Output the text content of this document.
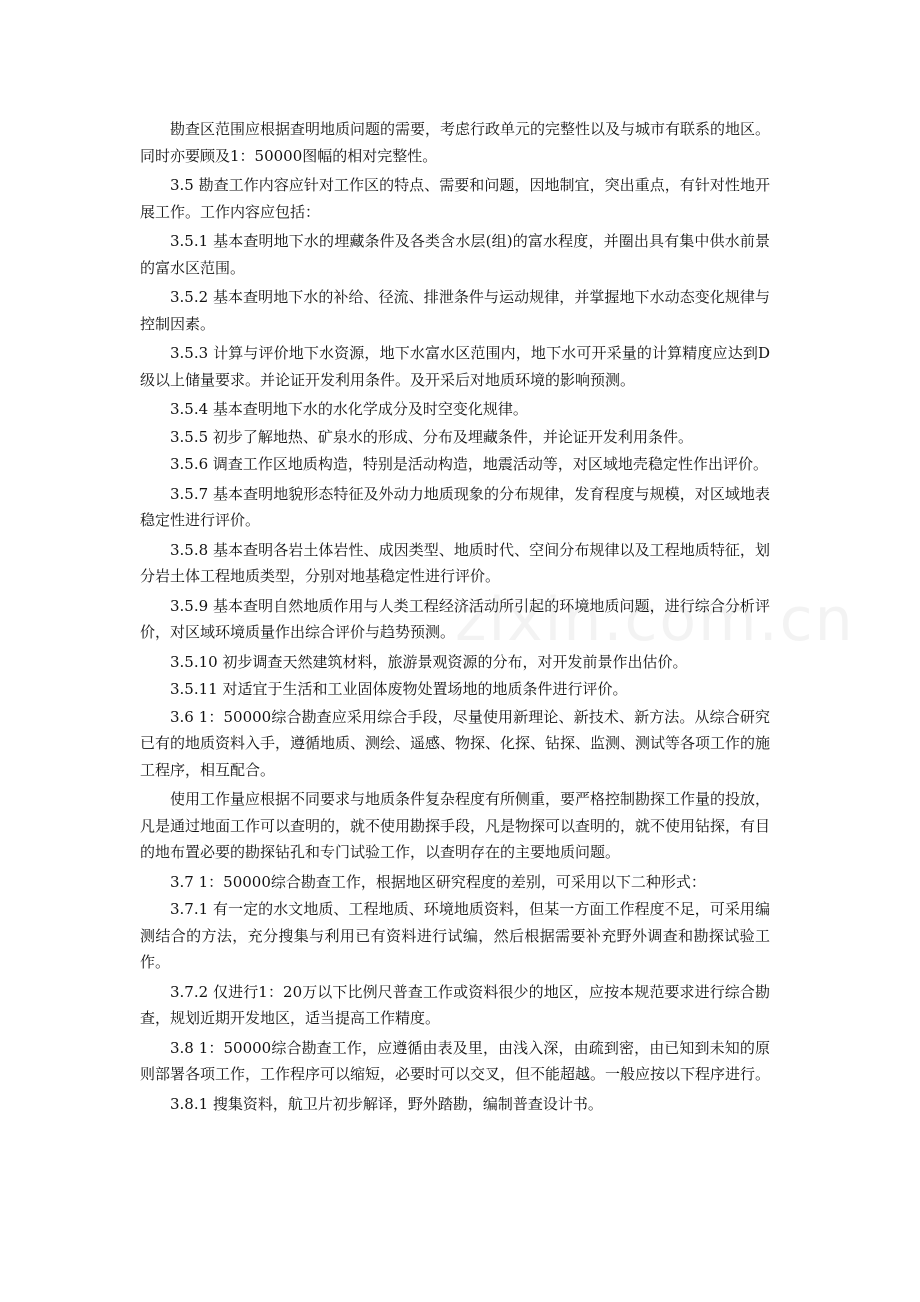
勘查区范围应根据查明地质问题的需要，考虑行政单元的完整性以及与城市有联系的地区。同时亦要顾及1：50000图幅的相对完整性。

3.5 勘查工作内容应针对工作区的特点、需要和问题，因地制宜，突出重点，有针对性地开展工作。工作内容应包括：

3.5.1 基本查明地下水的埋藏条件及各类含水层(组)的富水程度，并圈出具有集中供水前景的富水区范围。

3.5.2 基本查明地下水的补给、径流、排泄条件与运动规律，并掌握地下水动态变化规律与控制因素。

3.5.3 计算与评价地下水资源，地下水富水区范围内，地下水可开采量的计算精度应达到D级以上储量要求。并论证开发利用条件。及开采后对地质环境的影响预测。

3.5.4 基本查明地下水的水化学成分及时空变化规律。

3.5.5 初步了解地热、矿泉水的形成、分布及埋藏条件，并论证开发利用条件。

3.5.6 调查工作区地质构造，特别是活动构造，地震活动等，对区域地壳稳定性作出评价。

3.5.7 基本查明地貌形态特征及外动力地质现象的分布规律，发育程度与规模，对区域地表稳定性进行评价。

3.5.8 基本查明各岩土体岩性、成因类型、地质时代、空间分布规律以及工程地质特征，划分岩土体工程地质类型，分别对地基稳定性进行评价。

3.5.9 基本查明自然地质作用与人类工程经济活动所引起的环境地质问题，进行综合分析评价，对区域环境质量作出综合评价与趋势预测。

3.5.10 初步调查天然建筑材料，旅游景观资源的分布，对开发前景作出估价。

3.5.11 对适宜于生活和工业固体废物处置场地的地质条件进行评价。

3.6 1：50000综合勘查应采用综合手段，尽量使用新理论、新技术、新方法。从综合研究已有的地质资料入手，遵循地质、测绘、遥感、物探、化探、钻探、监测、测试等各项工作的施工程序，相互配合。

使用工作量应根据不同要求与地质条件复杂程度有所侧重，要严格控制勘探工作量的投放，凡是通过地面工作可以查明的，就不使用勘探手段，凡是物探可以查明的，就不使用钻探，有目的地布置必要的勘探钻孔和专门试验工作，以查明存在的主要地质问题。

3.7 1：50000综合勘查工作，根据地区研究程度的差别，可采用以下二种形式：

3.7.1 有一定的水文地质、工程地质、环境地质资料，但某一方面工作程度不足，可采用编测结合的方法，充分搜集与利用已有资料进行试编，然后根据需要补充野外调查和勘探试验工作。

3.7.2 仅进行1：20万以下比例尺普查工作或资料很少的地区，应按本规范要求进行综合勘查，规划近期开发地区，适当提高工作精度。

3.8 1：50000综合勘查工作，应遵循由表及里，由浅入深，由疏到密，由已知到未知的原则部署各项工作，工作程序可以缩短，必要时可以交叉，但不能超越。一般应按以下程序进行。

3.8.1 搜集资料，航卫片初步解译，野外踏勘，编制普查设计书。
